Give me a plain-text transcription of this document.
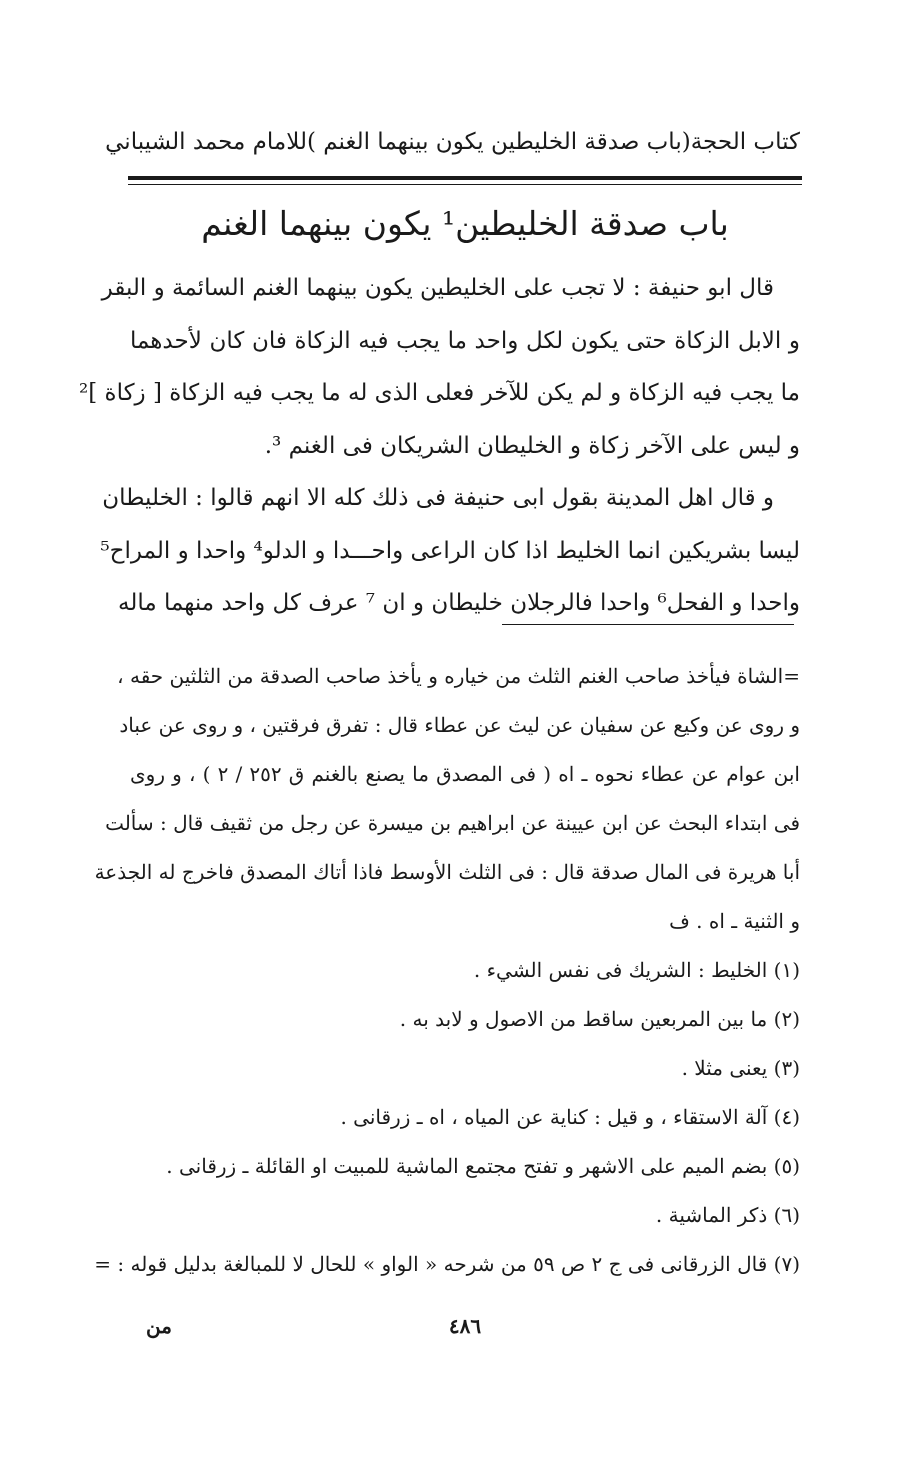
كتاب الحجة
(باب صدقة الخليطين يكون بينهما الغنم )
للامام محمد الشيباني
باب صدقة الخليطين¹ يكون بينهما الغنم
قال ابو حنيفة : لا تجب على الخليطين يكون بينهما الغنم السائمة و البقر
و الابل الزكاة حتى يكون لكل واحد ما يجب فيه الزكاة فان كان لأحدهما
ما يجب فيه الزكاة و لم يكن للآخر فعلى الذى له ما يجب فيه الزكاة [ زكاة ]²
و ليس على الآخر زكاة و الخليطان الشريكان فى الغنم ³.
و قال اهل المدينة بقول ابى حنيفة فى ذلك كله الا انهم قالوا : الخليطان
ليسا بشريكين انما الخليط اذا كان الراعى واحـــدا و الدلو⁴ واحدا و المراح⁵
واحدا و الفحل⁶ واحدا فالرجلان خليطان و ان ⁷ عرف كل واحد منهما ماله
=الشاة فيأخذ صاحب الغنم الثلث من خياره و يأخذ صاحب الصدقة من الثلثين حقه ،
و روى عن وكيع عن سفيان عن ليث عن عطاء قال : تفرق فرقتين ، و روى عن عباد
ابن عوام عن عطاء نحوه ـ اه ( فى المصدق ما يصنع بالغنم ق ٢٥٢ / ٢ ) ، و روى
فى ابتداء البحث عن ابن عيينة عن ابراهيم بن ميسرة عن رجل من ثقيف قال : سألت
أبا هريرة فى المال صدقة قال : فى الثلث الأوسط فاذا أتاك المصدق فاخرج له الجذعة
و الثنية ـ اه . ف
(١) الخليط : الشريك فى نفس الشيء .
(٢) ما بين المربعين ساقط من الاصول و لابد به .
(٣) يعنى مثلا .
(٤) آلة الاستقاء ، و قيل : كناية عن المياه ، اه ـ زرقانى .
(٥) بضم الميم على الاشهر و تفتح مجتمع الماشية للمبيت او القائلة ـ زرقانى .
(٦) ذكر الماشية .
(٧) قال الزرقانى فى ج ٢ ص ٥٩ من شرحه « الواو » للحال لا للمبالغة بدليل قوله : =
٤٨٦
من
